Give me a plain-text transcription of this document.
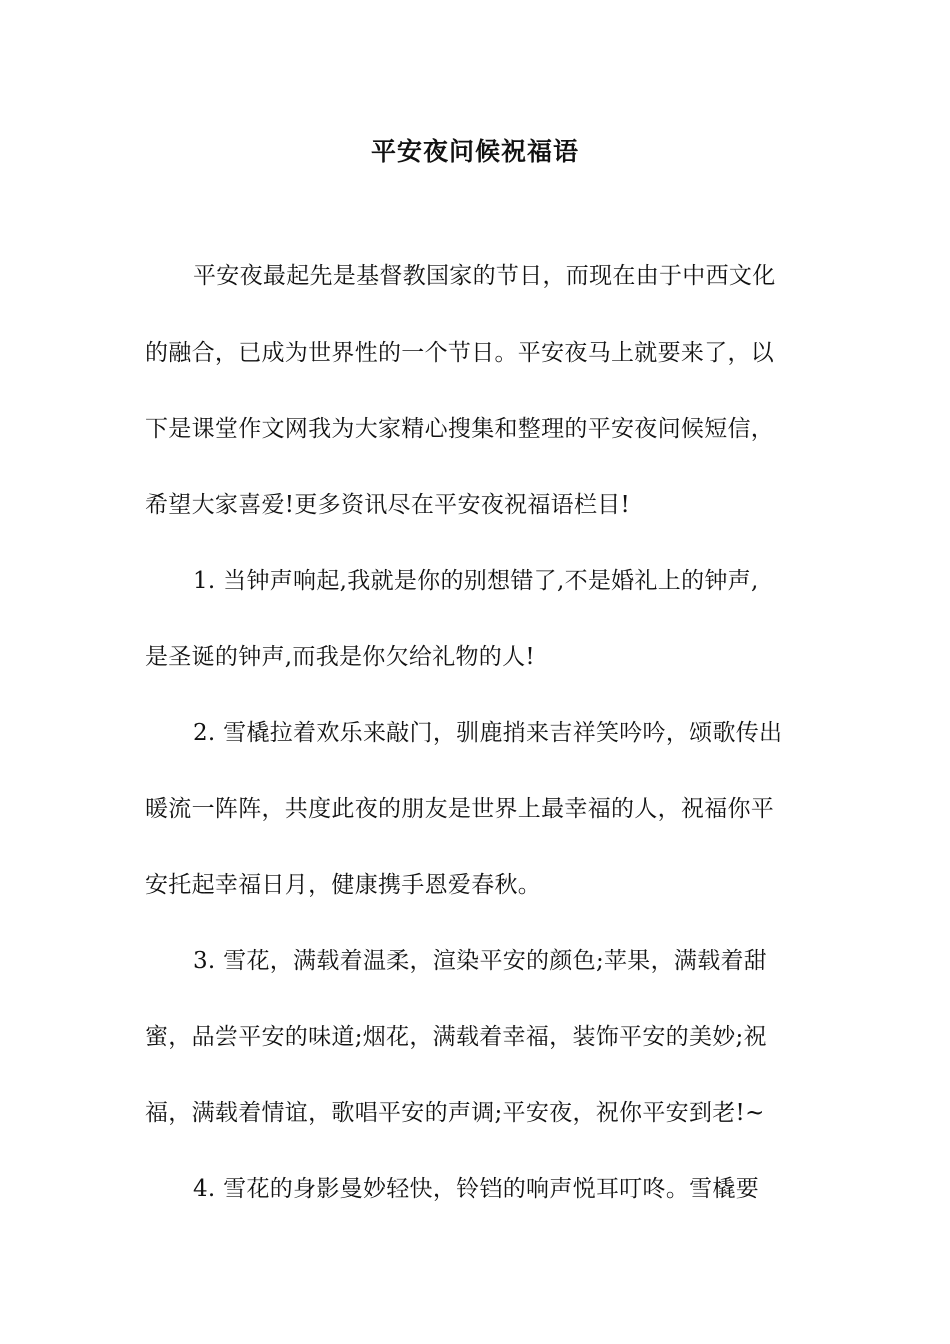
平安夜问候祝福语
平安夜最起先是基督教国家的节日，而现在由于中西文化
的融合，已成为世界性的一个节日。平安夜马上就要来了，以
下是课堂作文网我为大家精心搜集和整理的平安夜问候短信，
希望大家喜爱!更多资讯尽在平安夜祝福语栏目!
1. 当钟声响起,我就是你的别想错了,不是婚礼上的钟声,
是圣诞的钟声,而我是你欠给礼物的人!
2. 雪橇拉着欢乐来敲门，驯鹿捎来吉祥笑吟吟，颂歌传出
暖流一阵阵，共度此夜的朋友是世界上最幸福的人，祝福你平
安托起幸福日月，健康携手恩爱春秋。
3. 雪花，满载着温柔，渲染平安的颜色;苹果，满载着甜
蜜，品尝平安的味道;烟花，满载着幸福，装饰平安的美妙;祝
福，满载着情谊，歌唱平安的声调;平安夜，祝你平安到老!~
4. 雪花的身影曼妙轻快，铃铛的响声悦耳叮咚。雪橇要
